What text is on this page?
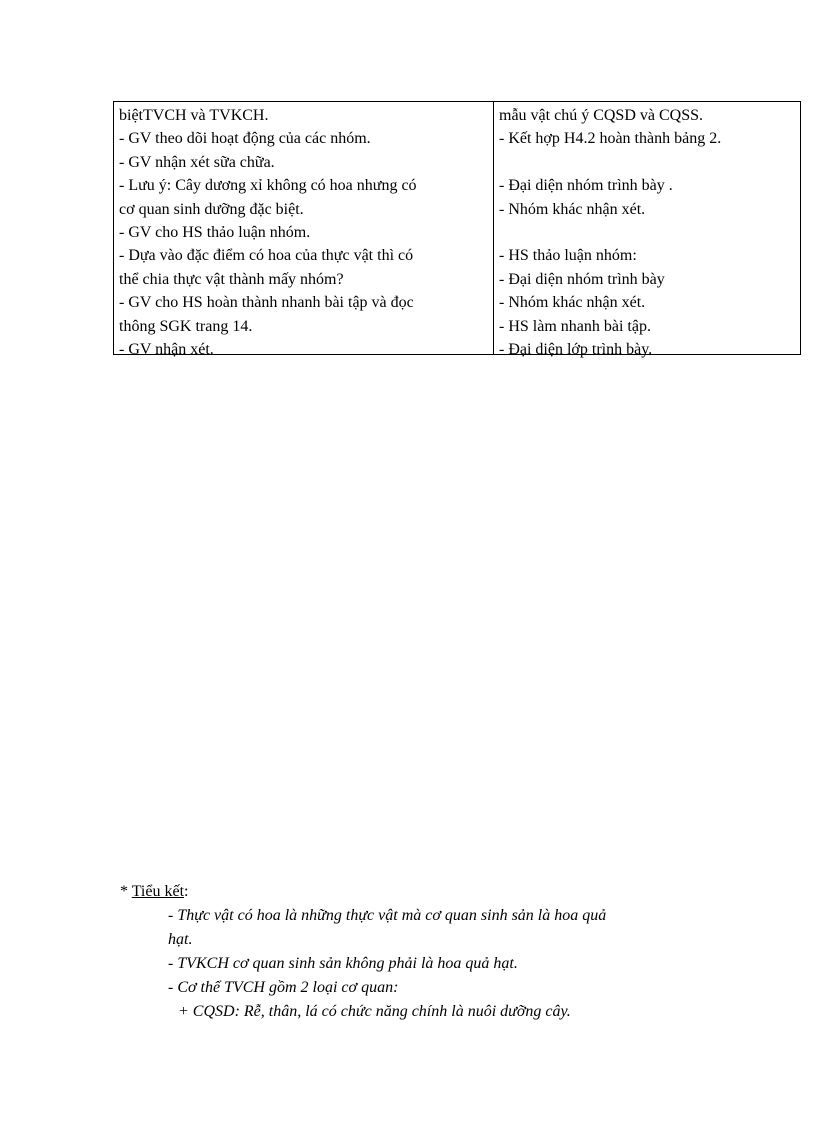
biệtTVCH và TVKCH.
- GV theo dõi hoạt động của các nhóm.
- GV nhận xét sữa chữa.
- Lưu ý: Cây dương xỉ không có hoa nhưng có
cơ quan sinh dưỡng đặc biệt.
- GV cho HS thảo luận nhóm.
- Dựa vào đặc điểm có hoa của thực vật thì có
thể chia thực vật thành mấy nhóm?
- GV cho HS hoàn thành nhanh bài tập và đọc
thông SGK trang 14.
- GV nhận xét.
mẫu vật chú ý CQSD và CQSS.
- Kết hợp H4.2 hoàn thành bảng 2.
- Đại diện nhóm trình bày .
- Nhóm khác nhận xét.
- HS thảo luận nhóm:
- Đại diện nhóm trình bày
- Nhóm khác nhận xét.
- HS làm nhanh bài tập.
- Đại diện lớp trình bày.
* Tiểu kết:
- Thực vật có hoa là những thực vật mà cơ quan sinh sản là hoa quả
hạt.
- TVKCH cơ quan sinh sản không phải là hoa quả hạt.
- Cơ thể TVCH gồm 2 loại cơ quan:
+ CQSD: Rễ, thân, lá có chức năng chính là nuôi dưỡng cây.
